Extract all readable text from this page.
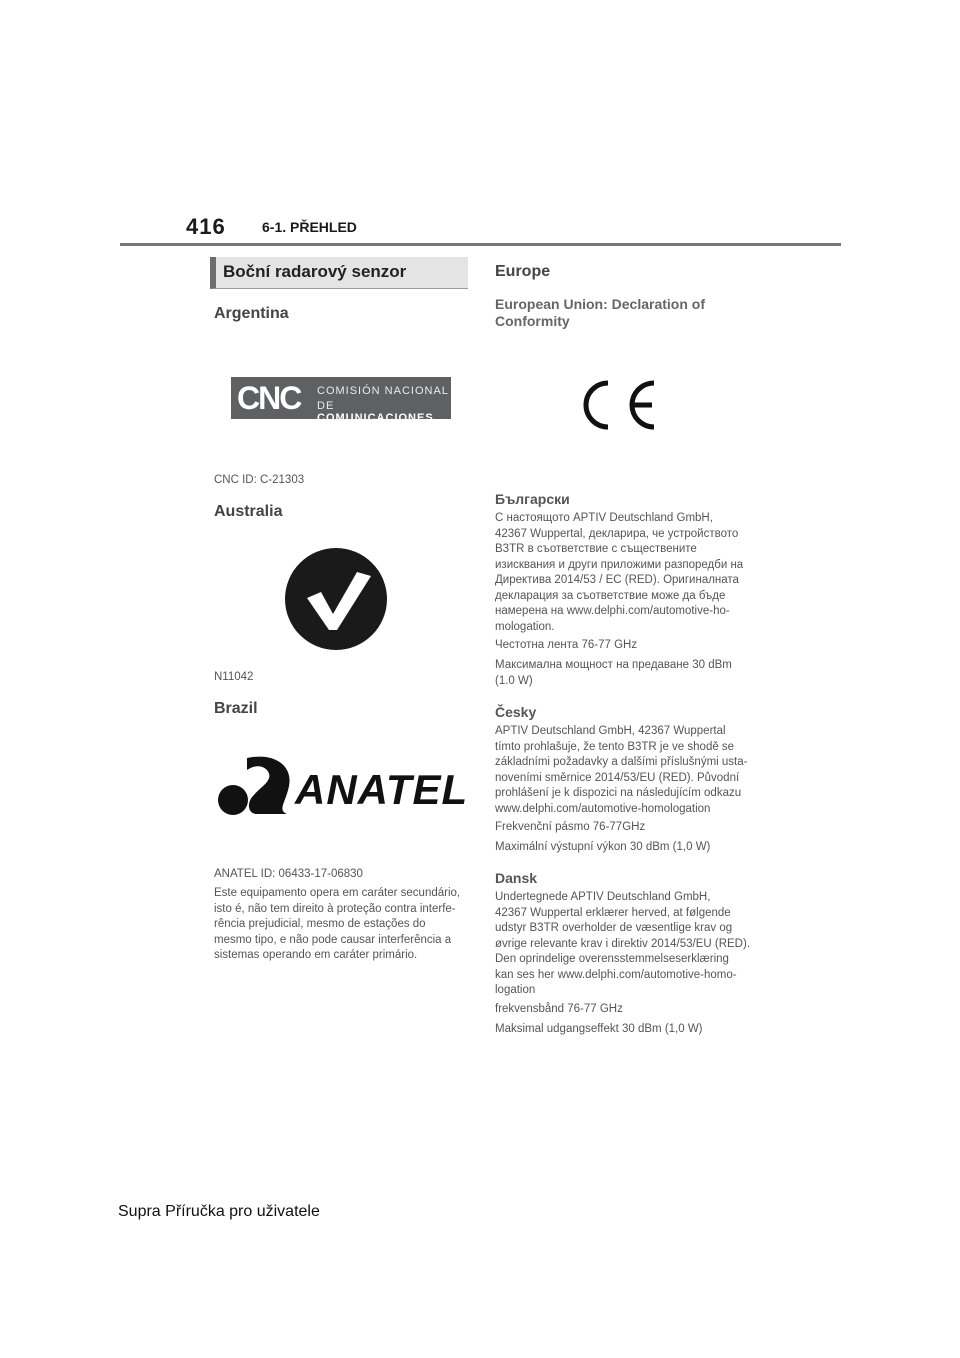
416	6-1. PŘEHLED
Boční radarový senzor
Argentina
CNC COMISIÓN NACIONAL
DE COMUNICACIONES
CNC ID: C-21303
Australia
N11042
Brazil
ANATEL
ANATEL ID: 06433-17-06830
Este equipamento opera em caráter secundário,
isto é, não tem direito à proteção contra interfe-
rência prejudicial, mesmo de estações do
mesmo tipo, e não pode causar interferência a
sistemas operando em caráter primário.
Europe
European Union: Declaration of
Conformity
Български
С настоящото APTIV Deutschland GmbH,
42367 Wuppertal, декларира, че устройството
B3TR в съответствие с съществените
изисквания и други приложими разпоредби на
Директива 2014/53 / EC (RED). Оригиналната
декларация за съответствие може да бъде
намерена на www.delphi.com/automotive-ho-
mologation.
Честотна лента 76-77 GHz
Максимална мощност на предаване 30 dBm
(1.0 W)
Česky
APTIV Deutschland GmbH, 42367 Wuppertal
tímto prohlašuje, že tento B3TR je ve shodě se
základními požadavky a dalšími příslušnými usta-
noveními směrnice 2014/53/EU (RED). Původní
prohlášení je k dispozici na následujícím odkazu
www.delphi.com/automotive-homologation
Frekvenční pásmo 76-77GHz
Maximální výstupní výkon 30 dBm (1,0 W)
Dansk
Undertegnede APTIV Deutschland GmbH,
42367 Wuppertal erklærer herved, at følgende
udstyr B3TR overholder de væsentlige krav og
øvrige relevante krav i direktiv 2014/53/EU (RED).
Den oprindelige overensstemmelseserklæring
kan ses her www.delphi.com/automotive-homo-
logation
frekvensbånd 76-77 GHz
Maksimal udgangseffekt 30 dBm (1,0 W)
Supra Příručka pro uživatele
